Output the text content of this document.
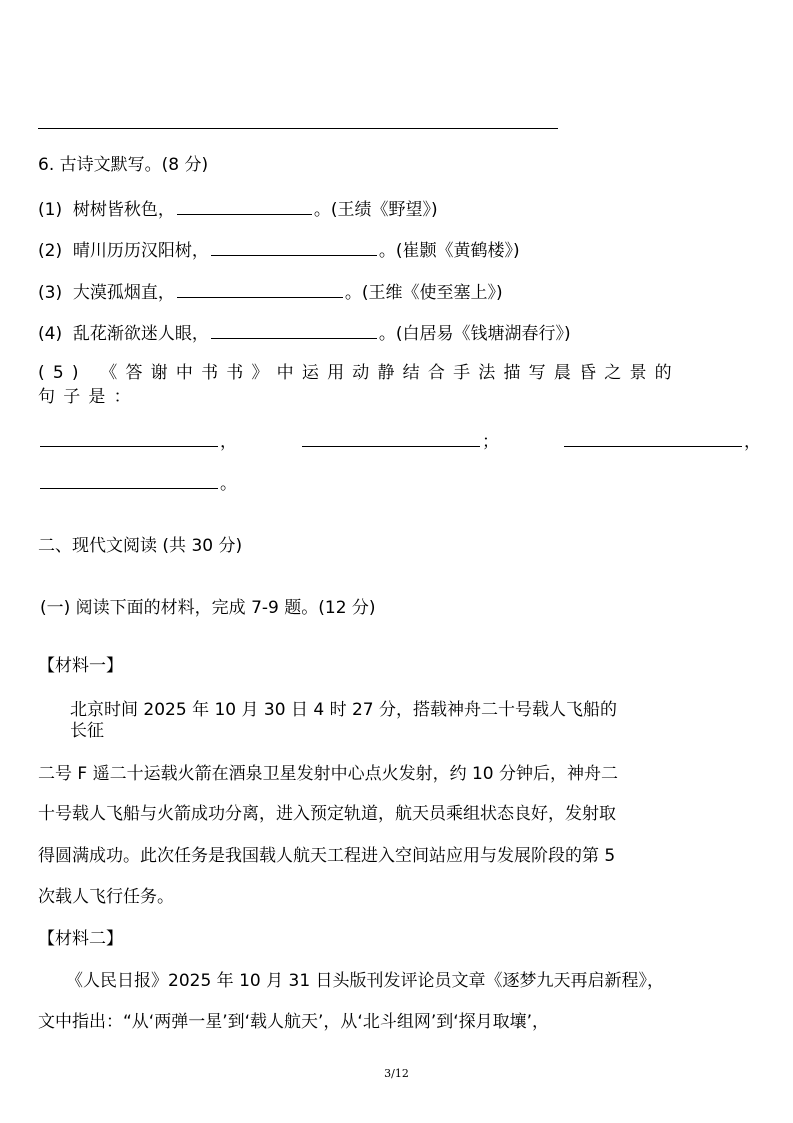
6. 古诗文默写。(8 分)
(1) 树树皆秋色，	。(王绩《野望》)
(2) 晴川历历汉阳树，	。(崔颢《黄鹤楼》)
(3) 大漠孤烟直，	。(王维《使至塞上》)
(4) 乱花渐欲迷人眼，	。(白居易《钱塘湖春行》)
(5) 《答谢中书书》中运用动静结合手法描写晨昏之景的
句子是：
，	；	，
。
二、现代文阅读 (共 30 分)
(一) 阅读下面的材料，完成 7-9 题。(12 分)
【材料一】
北京时间 2025 年 10 月 30 日 4 时 27 分，搭载神舟二十号载人飞船的
长征
二号 F 遥二十运载火箭在酒泉卫星发射中心点火发射，约 10 分钟后，神舟二
十号载人飞船与火箭成功分离，进入预定轨道，航天员乘组状态良好，发射取
得圆满成功。此次任务是我国载人航天工程进入空间站应用与发展阶段的第 5
次载人飞行任务。
【材料二】
《人民日报》2025 年 10 月 31 日头版刊发评论员文章《逐梦九天再启新程》，
文中指出：“从‘两弹一星’到‘载人航天’，从‘北斗组网’到‘探月取壤’，
3/12
